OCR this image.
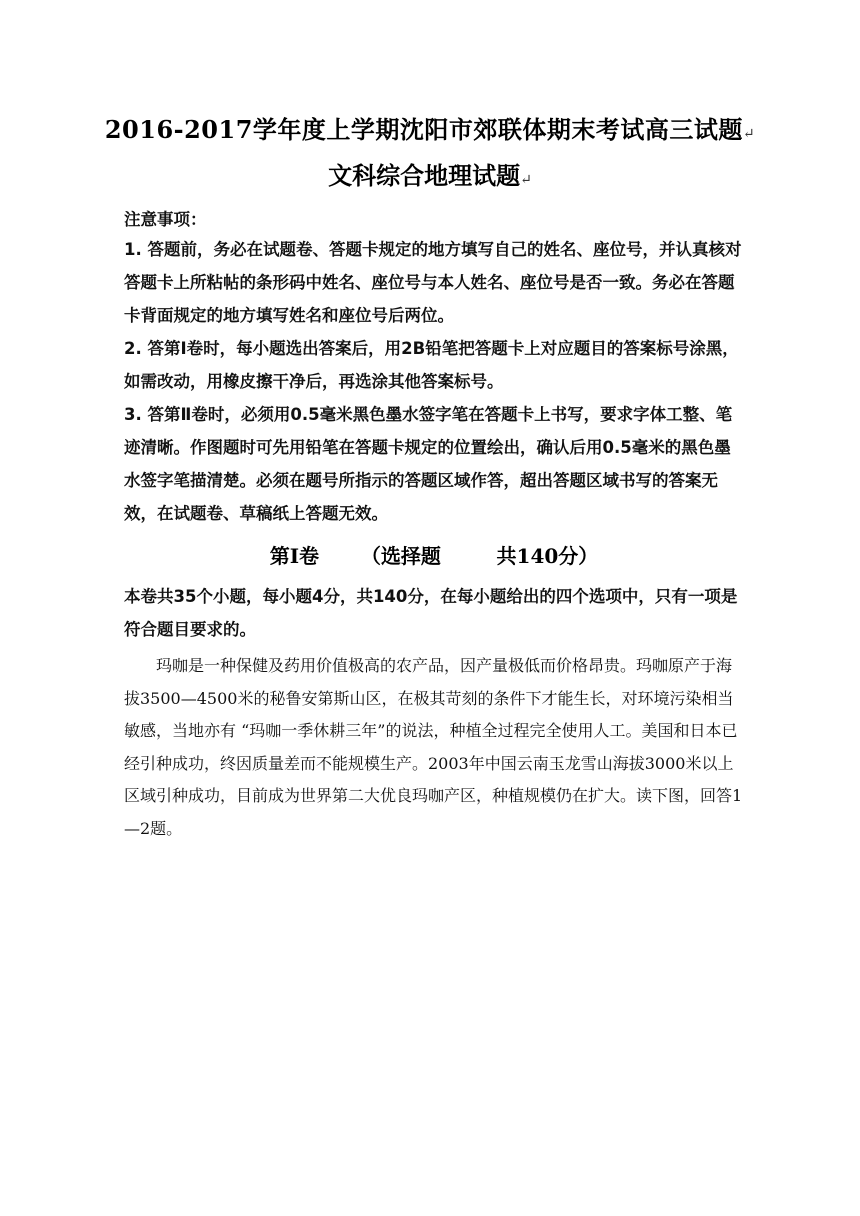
2016-2017学年度上学期沈阳市郊联体期末考试高三试题↵
文科综合地理试题↵
注意事项：

1. 答题前，务必在试题卷、答题卡规定的地方填写自己的姓名、座位号，并认真核对答题卡上所粘帖的条形码中姓名、座位号与本人姓名、座位号是否一致。务必在答题卡背面规定的地方填写姓名和座位号后两位。

2. 答第Ⅰ卷时，每小题选出答案后，用2B铅笔把答题卡上对应题目的答案标号涂黑，如需改动，用橡皮擦干净后，再选涂其他答案标号。

3. 答第Ⅱ卷时，必须用0.5毫米黑色墨水签字笔在答题卡上书写，要求字体工整、笔迹清晰。作图题时可先用铅笔在答题卡规定的位置绘出，确认后用0.5毫米的黑色墨水签字笔描清楚。必须在题号所指示的答题区域作答，超出答题区域书写的答案无效，在试题卷、草稿纸上答题无效。

第Ⅰ卷      （选择题        共140分）

本卷共35个小题，每小题4分，共140分，在每小题给出的四个选项中，只有一项是符合题目要求的。

玛咖是一种保健及药用价值极高的农产品，因产量极低而价格昂贵。玛咖原产于海拔3500—4500米的秘鲁安第斯山区，在极其苛刻的条件下才能生长，对环境污染相当敏感，当地亦有 “玛咖一季休耕三年”的说法，种植全过程完全使用人工。美国和日本已经引种成功，终因质量差而不能规模生产。2003年中国云南玉龙雪山海拔3000米以上区域引种成功，目前成为世界第二大优良玛咖产区，种植规模仍在扩大。读下图，回答1—2题。
